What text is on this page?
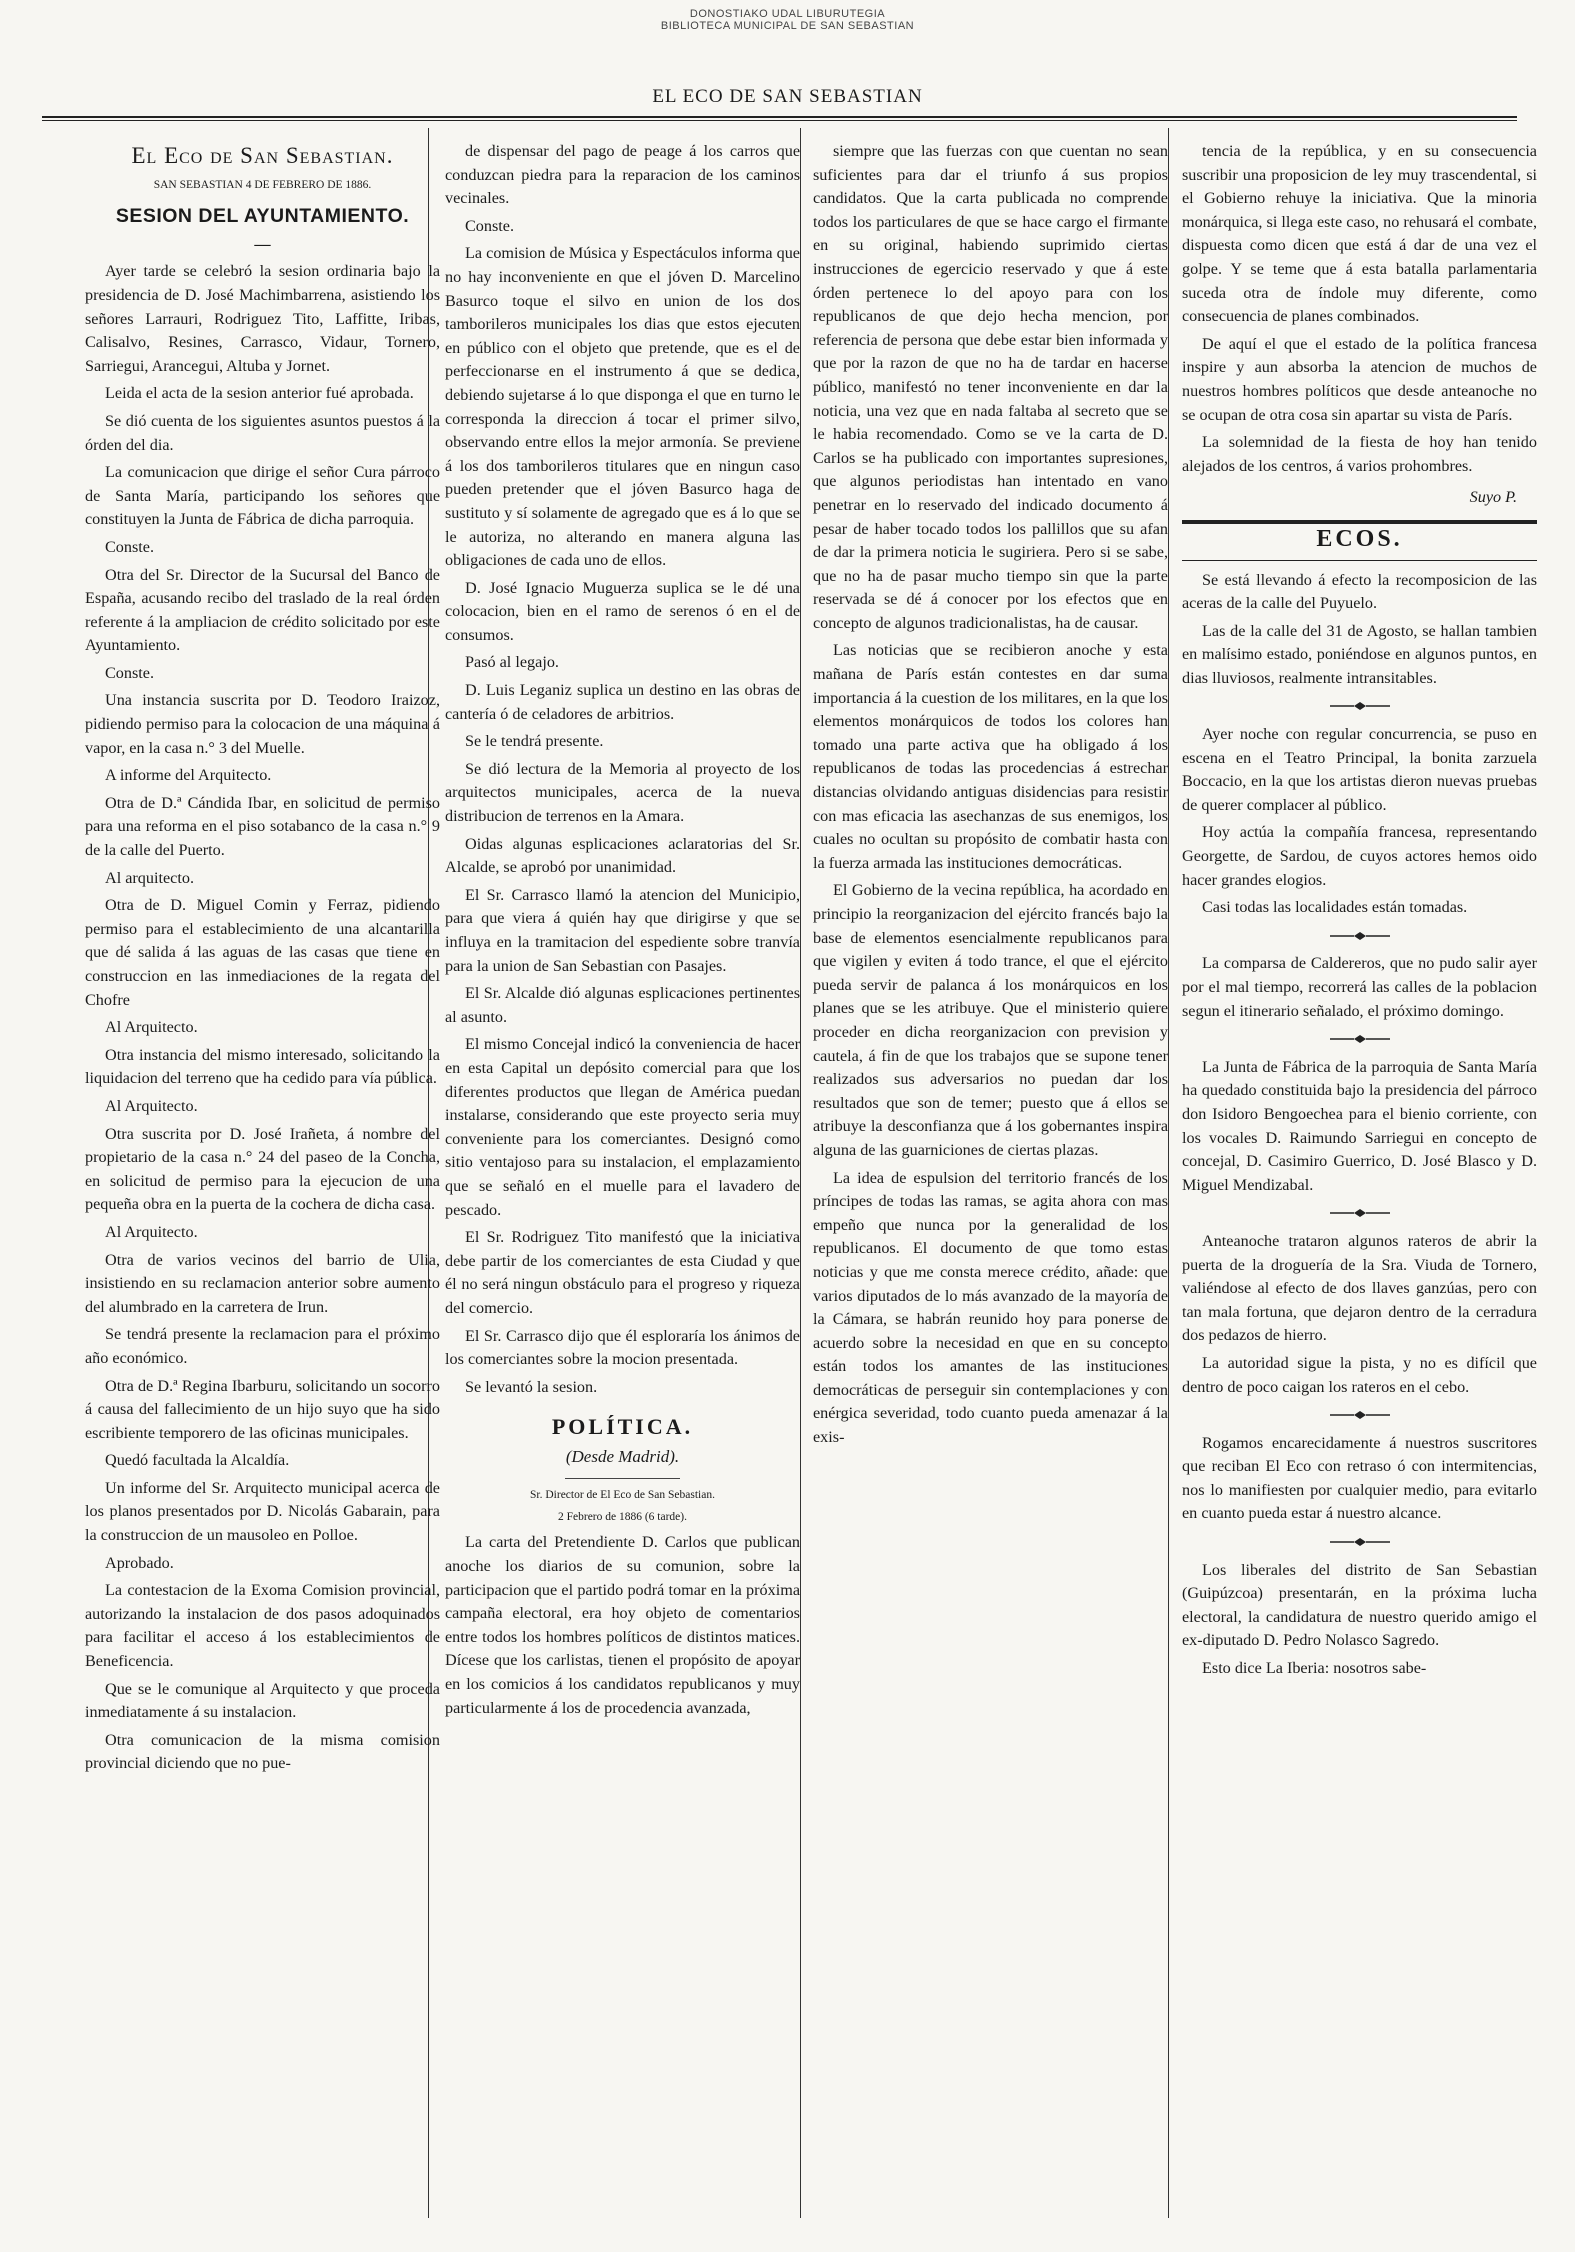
DONOSTIAKO UDAL LIBURUTEGIA
BIBLIOTECA MUNICIPAL DE SAN SEBASTIAN
EL ECO DE SAN SEBASTIAN
El Eco de San Sebastian.
SAN SEBASTIAN 4 DE FEBRERO DE 1886.
SESION DEL AYUNTAMIENTO.
—

Ayer tarde se celebró la sesion ordinaria bajo la presidencia de D. José Machimbarrena, asistiendo los señores Larrauri, Rodriguez Tito, Laffitte, Iribas, Calisalvo, Resines, Carrasco, Vidaur, Tornero, Sarriegui, Arancegui, Altuba y Jornet.

Leida el acta de la sesion anterior fué aprobada.

Se dió cuenta de los siguientes asuntos puestos á la órden del dia.

La comunicacion que dirige el señor Cura párroco de Santa María, participando los señores que constituyen la Junta de Fábrica de dicha parroquia.

Conste.

Otra del Sr. Director de la Sucursal del Banco de España, acusando recibo del traslado de la real órden referente á la ampliacion de crédito solicitado por este Ayuntamiento.

Conste.

Una instancia suscrita por D. Teodoro Iraizoz, pidiendo permiso para la colocacion de una máquina á vapor, en la casa n.° 3 del Muelle.

A informe del Arquitecto.

Otra de D.ª Cándida Ibar, en solicitud de permiso para una reforma en el piso sotabanco de la casa n.° 9 de la calle del Puerto.

Al arquitecto.

Otra de D. Miguel Comin y Ferraz, pidiendo permiso para el establecimiento de una alcantarilla que dé salida á las aguas de las casas que tiene en construccion en las inmediaciones de la regata del Chofre

Al Arquitecto.

Otra instancia del mismo interesado, solicitando la liquidacion del terreno que ha cedido para vía pública.

Al Arquitecto.

Otra suscrita por D. José Irañeta, á nombre del propietario de la casa n.° 24 del paseo de la Concha, en solicitud de permiso para la ejecucion de una pequeña obra en la puerta de la cochera de dicha casa.

Al Arquitecto.

Otra de varios vecinos del barrio de Ulia, insistiendo en su reclamacion anterior sobre aumento del alumbrado en la carretera de Irun.

Se tendrá presente la reclamacion para el próximo año económico.

Otra de D.ª Regina Ibarburu, solicitando un socorro á causa del fallecimiento de un hijo suyo que ha sido escribiente temporero de las oficinas municipales.

Quedó facultada la Alcaldía.

Un informe del Sr. Arquitecto municipal acerca de los planos presentados por D. Nicolás Gabarain, para la construccion de un mausoleo en Polloe.

Aprobado.

La contestacion de la Exoma Comision provincial, autorizando la instalacion de dos pasos adoquinados para facilitar el acceso á los establecimientos de Beneficencia.

Que se le comunique al Arquitecto y que proceda inmediatamente á su instalacion.

Otra comunicacion de la misma comision provincial diciendo que no pue-

de dispensar del pago de peage á los carros que conduzcan piedra para la reparacion de los caminos vecinales.

Conste.

La comision de Música y Espectáculos informa que no hay inconveniente en que el jóven D. Marcelino Basurco toque el silvo en union de los dos tamborileros municipales los dias que estos ejecuten en público con el objeto que pretende, que es el de perfeccionarse en el instrumento á que se dedica, debiendo sujetarse á lo que disponga el que en turno le corresponda la direccion á tocar el primer silvo, observando entre ellos la mejor armonía. Se previene á los dos tamborileros titulares que en ningun caso pueden pretender que el jóven Basurco haga de sustituto y sí solamente de agregado que es á lo que se le autoriza, no alterando en manera alguna las obligaciones de cada uno de ellos.

D. José Ignacio Muguerza suplica se le dé una colocacion, bien en el ramo de serenos ó en el de consumos.

Pasó al legajo.

D. Luis Leganiz suplica un destino en las obras de cantería ó de celadores de arbitrios.

Se le tendrá presente.

Se dió lectura de la Memoria al proyecto de los arquitectos municipales, acerca de la nueva distribucion de terrenos en la Amara.

Oidas algunas esplicaciones aclaratorias del Sr. Alcalde, se aprobó por unanimidad.

El Sr. Carrasco llamó la atencion del Municipio, para que viera á quién hay que dirigirse y que se influya en la tramitacion del espediente sobre tranvía para la union de San Sebastian con Pasajes.

El Sr. Alcalde dió algunas esplicaciones pertinentes al asunto.

El mismo Concejal indicó la conveniencia de hacer en esta Capital un depósito comercial para que los diferentes productos que llegan de América puedan instalarse, considerando que este proyecto seria muy conveniente para los comerciantes. Designó como sitio ventajoso para su instalacion, el emplazamiento que se señaló en el muelle para el lavadero de pescado.

El Sr. Rodriguez Tito manifestó que la iniciativa debe partir de los comerciantes de esta Ciudad y que él no será ningun obstáculo para el progreso y riqueza del comercio.

El Sr. Carrasco dijo que él esploraría los ánimos de los comerciantes sobre la mocion presentada.

Se levantó la sesion.

POLÍTICA.
(Desde Madrid).
Sr. Director de El Eco de San Sebastian.
2 Febrero de 1886 (6 tarde).

La carta del Pretendiente D. Carlos que publican anoche los diarios de su comunion, sobre la participacion que el partido podrá tomar en la próxima campaña electoral, era hoy objeto de comentarios entre todos los hombres políticos de distintos matices. Dícese que los carlistas, tienen el propósito de apoyar en los comicios á los candidatos republicanos y muy particularmente á los de procedencia avanzada,

siempre que las fuerzas con que cuentan no sean suficientes para dar el triunfo á sus propios candidatos. Que la carta publicada no comprende todos los particulares de que se hace cargo el firmante en su original, habiendo suprimido ciertas instrucciones de egercicio reservado y que á este órden pertenece lo del apoyo para con los republicanos de que dejo hecha mencion, por referencia de persona que debe estar bien informada y que por la razon de que no ha de tardar en hacerse público, manifestó no tener inconveniente en dar la noticia, una vez que en nada faltaba al secreto que se le habia recomendado. Como se ve la carta de D. Carlos se ha publicado con importantes supresiones, que algunos periodistas han intentado en vano penetrar en lo reservado del indicado documento á pesar de haber tocado todos los pallillos que su afan de dar la primera noticia le sugiriera. Pero si se sabe, que no ha de pasar mucho tiempo sin que la parte reservada se dé á conocer por los efectos que en concepto de algunos tradicionalistas, ha de causar.

Las noticias que se recibieron anoche y esta mañana de París están contestes en dar suma importancia á la cuestion de los militares, en la que los elementos monárquicos de todos los colores han tomado una parte activa que ha obligado á los republicanos de todas las procedencias á estrechar distancias olvidando antiguas disidencias para resistir con mas eficacia las asechanzas de sus enemigos, los cuales no ocultan su propósito de combatir hasta con la fuerza armada las instituciones democráticas.

El Gobierno de la vecina república, ha acordado en principio la reorganizacion del ejército francés bajo la base de elementos esencialmente republicanos para que vigilen y eviten á todo trance, el que el ejército pueda servir de palanca á los monárquicos en los planes que se les atribuye. Que el ministerio quiere proceder en dicha reorganizacion con prevision y cautela, á fin de que los trabajos que se supone tener realizados sus adversarios no puedan dar los resultados que son de temer; puesto que á ellos se atribuye la desconfianza que á los gobernantes inspira alguna de las guarniciones de ciertas plazas.

La idea de espulsion del territorio francés de los príncipes de todas las ramas, se agita ahora con mas empeño que nunca por la generalidad de los republicanos. El documento de que tomo estas noticias y que me consta merece crédito, añade: que varios diputados de lo más avanzado de la mayoría de la Cámara, se habrán reunido hoy para ponerse de acuerdo sobre la necesidad en que en su concepto están todos los amantes de las instituciones democráticas de perseguir sin contemplaciones y con enérgica severidad, todo cuanto pueda amenazar á la exis-

tencia de la república, y en su consecuencia suscribir una proposicion de ley muy trascendental, si el Gobierno rehuye la iniciativa. Que la minoria monárquica, si llega este caso, no rehusará el combate, dispuesta como dicen que está á dar de una vez el golpe. Y se teme que á esta batalla parlamentaria suceda otra de índole muy diferente, como consecuencia de planes combinados.

De aquí el que el estado de la política francesa inspire y aun absorba la atencion de muchos de nuestros hombres políticos que desde anteanoche no se ocupan de otra cosa sin apartar su vista de París.

La solemnidad de la fiesta de hoy han tenido alejados de los centros, á varios prohombres.

Suyo P.
ECOS.

Se está llevando á efecto la recomposicion de las aceras de la calle del Puyuelo.

Las de la calle del 31 de Agosto, se hallan tambien en malísimo estado, poniéndose en algunos puntos, en dias lluviosos, realmente intransitables.

Ayer noche con regular concurrencia, se puso en escena en el Teatro Principal, la bonita zarzuela Boccacio, en la que los artistas dieron nuevas pruebas de querer complacer al público.

Hoy actúa la compañía francesa, representando Georgette, de Sardou, de cuyos actores hemos oido hacer grandes elogios.

Casi todas las localidades están tomadas.

La comparsa de Caldereros, que no pudo salir ayer por el mal tiempo, recorrerá las calles de la poblacion segun el itinerario señalado, el próximo domingo.

La Junta de Fábrica de la parroquia de Santa María ha quedado constituida bajo la presidencia del párroco don Isidoro Bengoechea para el bienio corriente, con los vocales D. Raimundo Sarriegui en concepto de concejal, D. Casimiro Guerrico, D. José Blasco y D. Miguel Mendizabal.

Anteanoche trataron algunos rateros de abrir la puerta de la droguería de la Sra. Viuda de Tornero, valiéndose al efecto de dos llaves ganzúas, pero con tan mala fortuna, que dejaron dentro de la cerradura dos pedazos de hierro.

La autoridad sigue la pista, y no es difícil que dentro de poco caigan los rateros en el cebo.

Rogamos encarecidamente á nuestros suscritores que reciban El Eco con retraso ó con intermitencias, nos lo manifiesten por cualquier medio, para evitarlo en cuanto pueda estar á nuestro alcance.

Los liberales del distrito de San Sebastian (Guipúzcoa) presentarán, en la próxima lucha electoral, la candidatura de nuestro querido amigo el ex-diputado D. Pedro Nolasco Sagredo.

Esto dice La Iberia: nosotros sabe-
